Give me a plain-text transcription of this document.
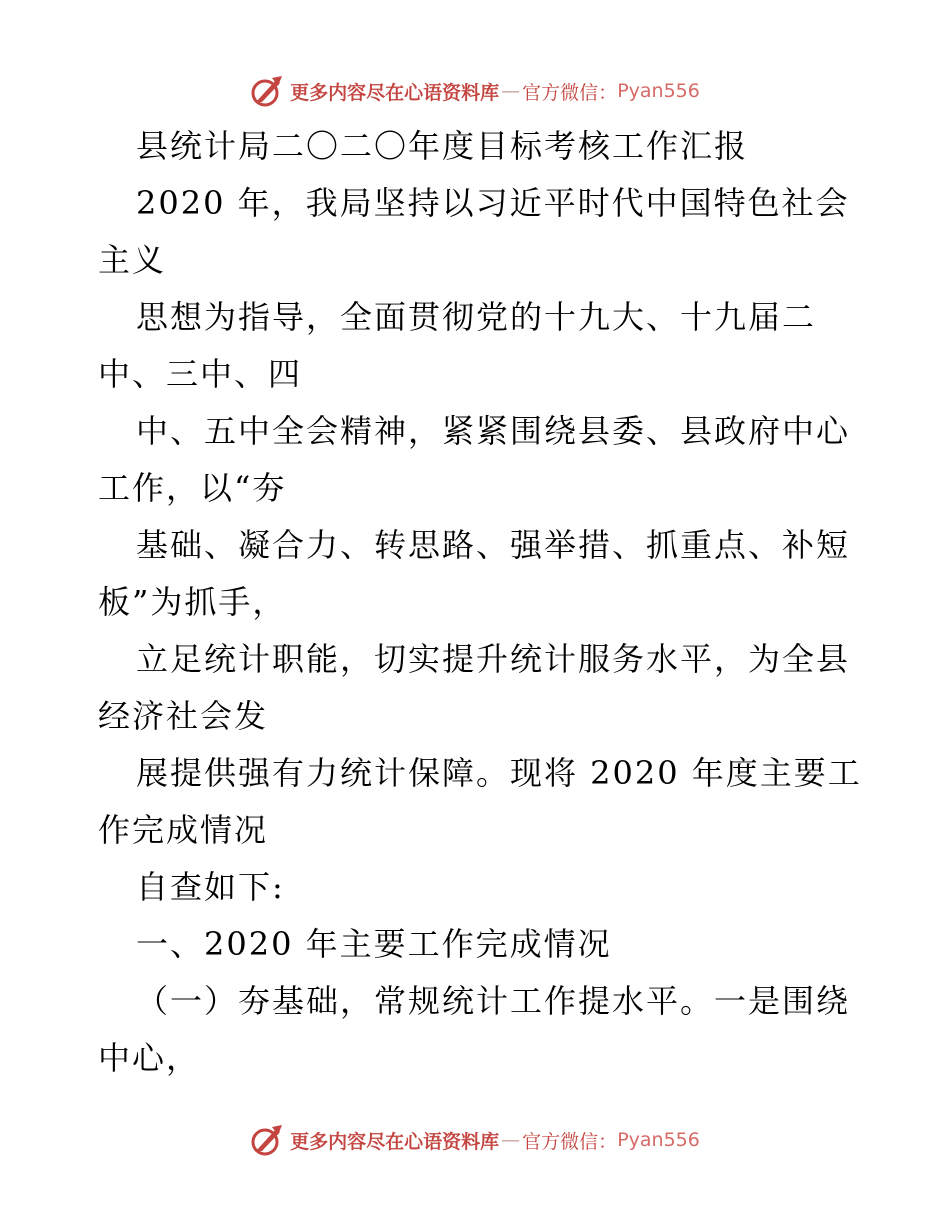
更多内容尽在心语资料库 — 官方微信： Pyan556
县统计局二〇二〇年度目标考核工作汇报
2020 年，我局坚持以习近平时代中国特色社会
主义
思想为指导，全面贯彻党的十九大、十九届二
中、三中、四
中、五中全会精神，紧紧围绕县委、县政府中心
工作，以“夯
基础、凝合力、转思路、强举措、抓重点、补短
板”为抓手，
立足统计职能，切实提升统计服务水平，为全县
经济社会发
展提供强有力统计保障。现将 2020 年度主要工
作完成情况
自查如下:
一、2020 年主要工作完成情况
（一）夯基础，常规统计工作提水平。一是围绕
中心，
更多内容尽在心语资料库 — 官方微信： Pyan556
